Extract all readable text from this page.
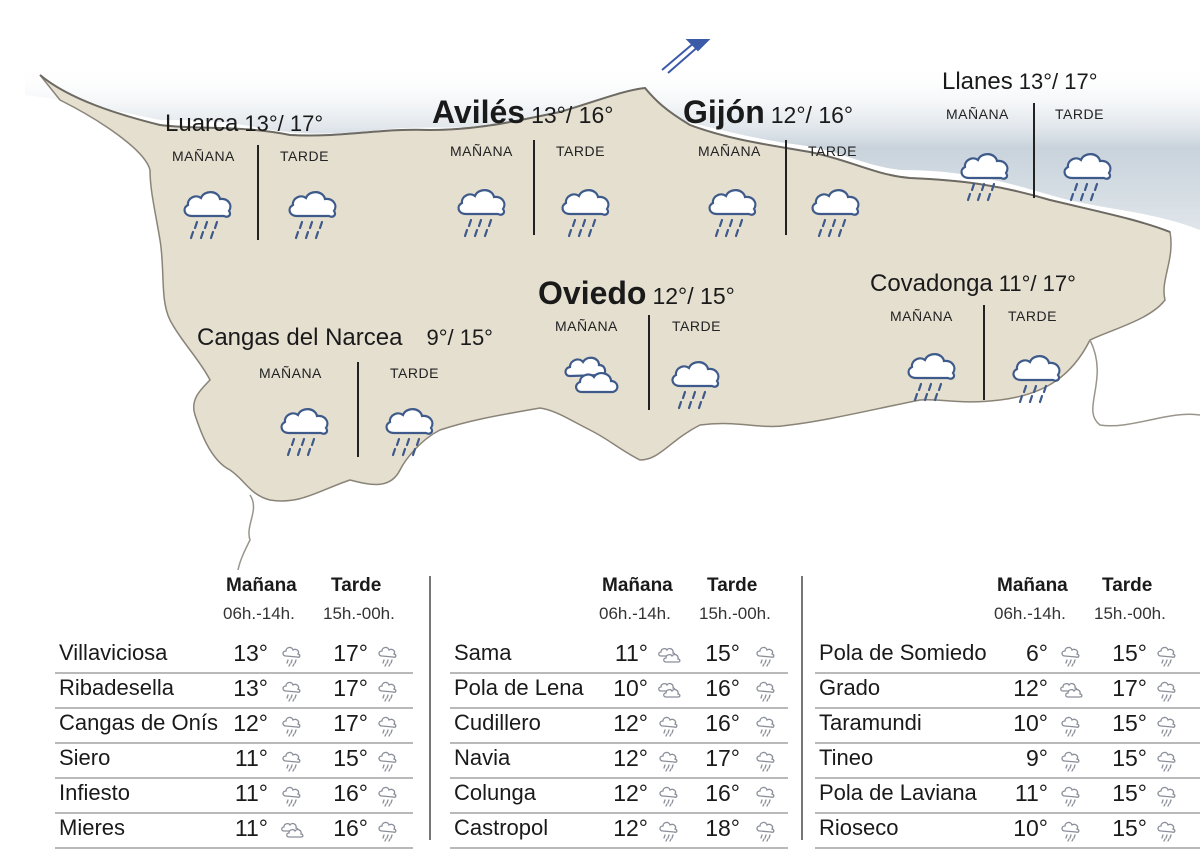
Luarca 13°/ 17°
MAÑANA	TARDE
Avilés 13°/ 16°
MAÑANA	TARDE
Gijón 12°/ 16°
MAÑANA	TARDE
Llanes 13°/ 17°
MAÑANA	TARDE
Oviedo 12°/ 15°
MAÑANA	TARDE
Covadonga 11°/ 17°
MAÑANA	TARDE
Cangas del Narcea 9°/ 15°
MAÑANA	TARDE
Mañana Tarde
06h.-14h. 15h.-00h.
Mañana Tarde
06h.-14h. 15h.-00h.
Mañana Tarde
06h.-14h. 15h.-00h.
Villaviciosa	13°	17°
Ribadesella	13°	17°
Cangas de Onís 12°	17°
Siero	11°	15°
Infiesto	11°	16°
Mieres	11°	16°
Sama	11°	15°
Pola de Lena	10°	16°
Cudillero	12°	16°
Navia	12°	17°
Colunga	12°	16°
Castropol	12°	18°
Pola de Somiedo	6°	15°
Grado	12°	17°
Taramundi	10°	15°
Tineo	9°	15°
Pola de Laviana	11°	15°
Rioseco	10°	15°
